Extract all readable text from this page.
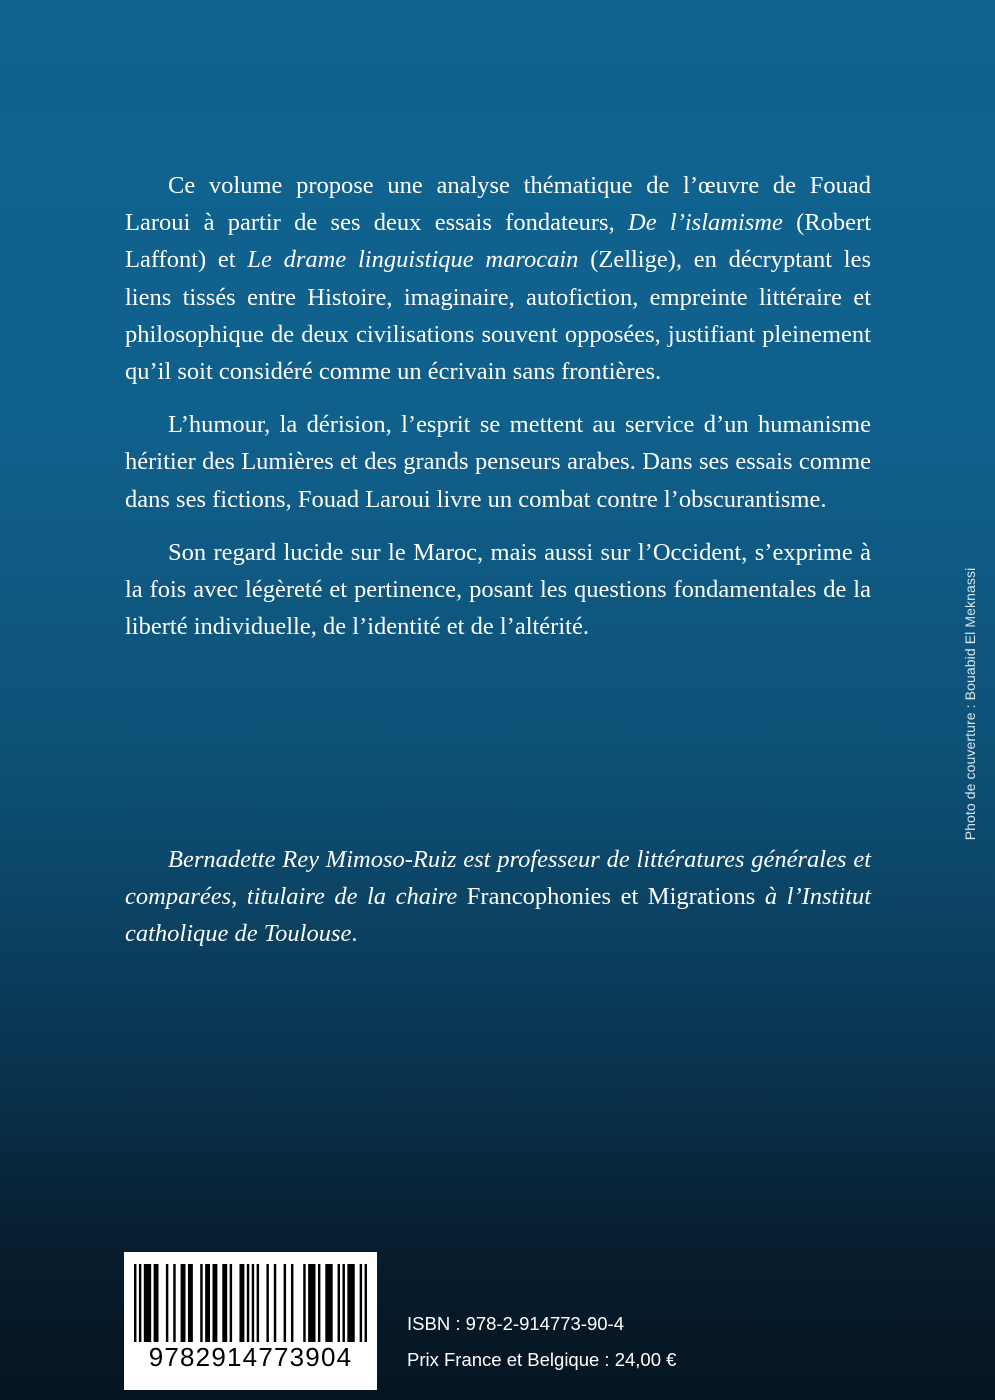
Ce volume propose une analyse thématique de l’œuvre de Fouad Laroui à partir de ses deux essais fondateurs, De l’islamisme (Robert Laffont) et Le drame linguistique marocain (Zellige), en décryptant les liens tissés entre Histoire, imaginaire, autofiction, empreinte littéraire et philosophique de deux civilisations souvent opposées, justifiant pleinement qu’il soit considéré comme un écrivain sans frontières.

L’humour, la dérision, l’esprit se mettent au service d’un humanisme héritier des Lumières et des grands penseurs arabes. Dans ses essais comme dans ses fictions, Fouad Laroui livre un combat contre l’obscurantisme.

Son regard lucide sur le Maroc, mais aussi sur l’Occident, s’exprime à la fois avec légèreté et pertinence, posant les questions fondamentales de la liberté individuelle, de l’identité et de l’altérité.

Bernadette Rey Mimoso-Ruiz est professeur de littératures générales et comparées, titulaire de la chaire Francophonies et Migrations à l’Institut catholique de Toulouse.

Photo de couverture : Bouabid El Meknassi
9782914773904
ISBN : 978-2-914773-90-4
Prix France et Belgique : 24,00 €
